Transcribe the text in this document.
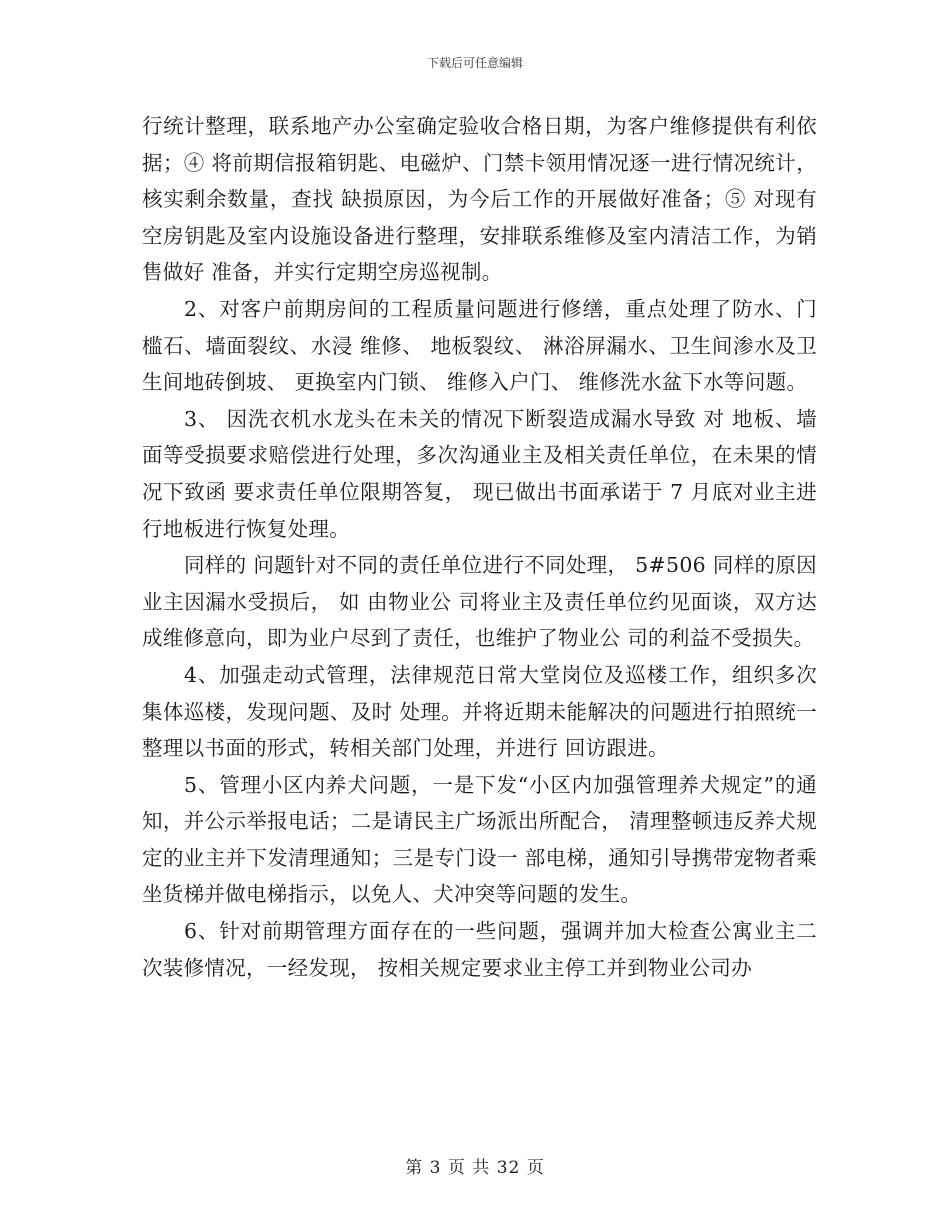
下载后可任意编辑

行统计整理，联系地产办公室确定验收合格日期，为客户维修提供有利依据；④ 将前期信报箱钥匙、电磁炉、门禁卡领用情况逐一进行情况统计，核实剩余数量，查找 缺损原因，为今后工作的开展做好准备；⑤ 对现有空房钥匙及室内设施设备进行整理，安排联系维修及室内清洁工作，为销售做好 准备，并实行定期空房巡视制。

2、对客户前期房间的工程质量问题进行修缮，重点处理了防水、门槛石、墙面裂纹、水浸 维修、 地板裂纹、 淋浴屏漏水、卫生间渗水及卫生间地砖倒坡、 更换室内门锁、 维修入户门、 维修洗水盆下水等问题。

3、 因洗衣机水龙头在未关的情况下断裂造成漏水导致 对 地板、墙面等受损要求赔偿进行处理，多次沟通业主及相关责任单位，在未果的情况下致函 要求责任单位限期答复， 现已做出书面承诺于 7 月底对业主进行地板进行恢复处理。

同样的 问题针对不同的责任单位进行不同处理， 5#506 同样的原因业主因漏水受损后， 如 由物业公 司将业主及责任单位约见面谈，双方达成维修意向，即为业户尽到了责任，也维护了物业公 司的利益不受损失。

4、加强走动式管理，法律规范日常大堂岗位及巡楼工作，组织多次集体巡楼，发现问题、及时 处理。并将近期未能解决的问题进行拍照统一整理以书面的形式，转相关部门处理，并进行 回访跟进。

5、管理小区内养犬问题，一是下发“小区内加强管理养犬规定”的通知，并公示举报电话；二是请民主广场派出所配合， 清理整顿违反养犬规定的业主并下发清理通知；三是专门设一 部电梯，通知引导携带宠物者乘坐货梯并做电梯指示，以免人、犬冲突等问题的发生。

6、针对前期管理方面存在的一些问题，强调并加大检查公寓业主二次装修情况，一经发现， 按相关规定要求业主停工并到物业公司办

第 3 页 共 32 页
